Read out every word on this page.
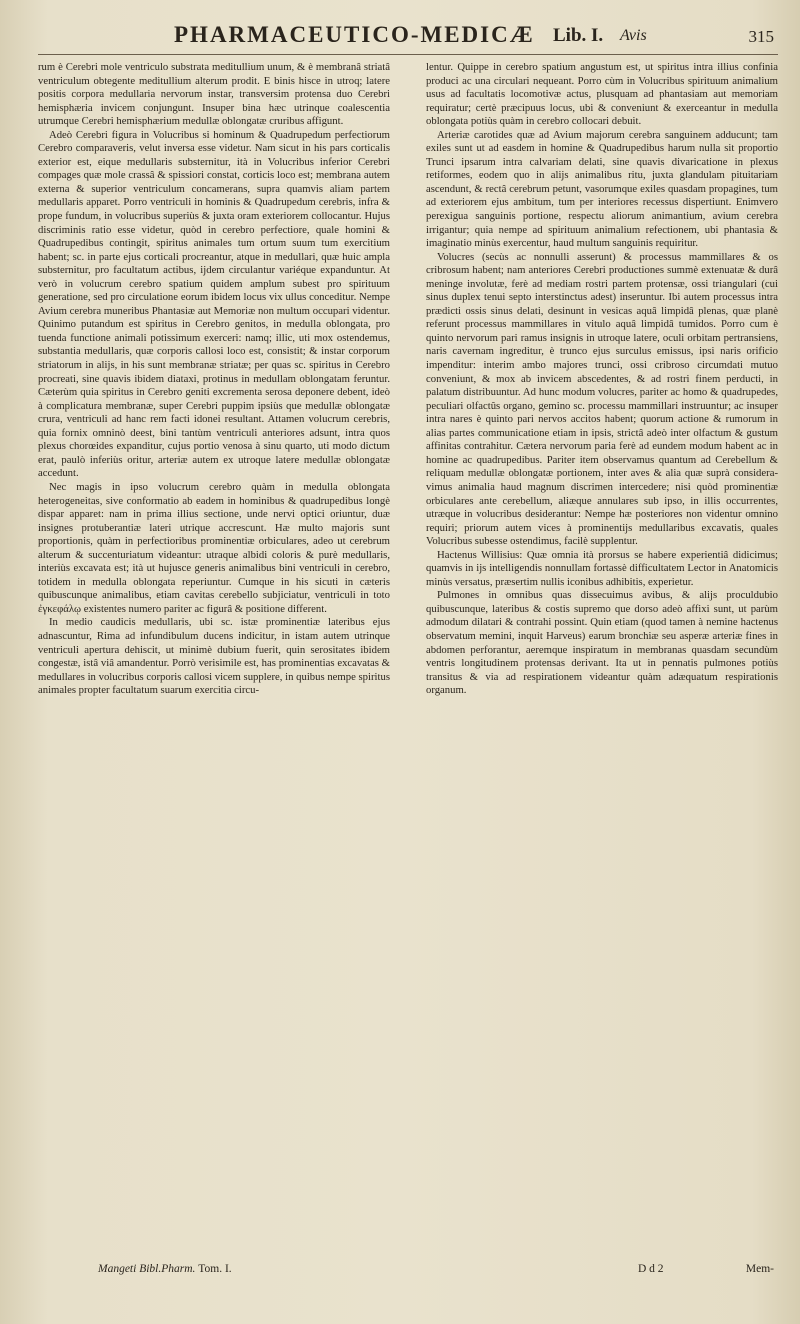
PHARMACEUTICO-MEDICÆ Lib. I. Avis	315

rum è Cerebri mole ventriculo substrata meditullium unum, & è membranâ striatâ ventriculum obtegente meditullium alterum prodit. E binis hisce in utroq; latere positis corpora medullaria nervorum instar, transversim protensa duo Cerebri hemisphæria invicem conjungunt. Insuper bina hæc utrinque coalescentia utrumque Cerebri hemisphærium medullæ oblongatæ cruribus affigunt.

Adeò Cerebri figura in Volucribus si hominum & Quadrupedum perfectiorum Cerebro comparaveris, velut inversa esse videtur. Nam sicut in his pars corticalis exterior est, eique medullaris substernitur, ità in Volucribus inferior Cerebri compages quæ mole crassâ & spissiori constat, corticis loco est; membrana autem externa & superior ventriculum concamerans, supra quamvis aliam partem medullaris apparet. Porro ventriculi in hominis & Quadrupedum cerebris, infra & prope fundum, in volucribus superiùs & juxta oram exteriorem collocantur. Hujus discriminis ratio esse videtur, quòd in cerebro perfectiore, quale homini & Quadrupedibus contingit, spiritus animales tum ortum suum tum exercitium habent; sc. in parte ejus corticali procreantur, atque in medullari, quæ huic ampla substernitur, pro facultatum actibus, ijdem circulantur variéque expanduntur. At verò in volucrum cerebro spatium quidem amplum subest pro spirituum generatione, sed pro circulatione eorum ibidem locus vix ullus conceditur. Nempe Avium cerebra muneribus Phantasiæ aut Memoriæ non multum occupari videntur. Quinimo putandum est spiritus in Cerebro genitos, in medulla oblongata, pro tuenda functione animali potissimum exerceri: namq; illic, uti mox ostendemus, substantia medullaris, quæ corporis callosi loco est, consistit; & instar corporum striatorum in alijs, in his sunt membranæ striatæ; per quas sc. spiritus in Cerebro procreati, sine quavis ibidem diataxi, protinus in medullam oblongatam feruntur. Cæterùm quia spiritus in Cerebro geniti excrementa serosa deponere debent, ideò à complicatura membranæ, super Cerebri puppim ipsiùs que medullæ oblongatæ crura, ventriculi ad hanc rem facti idonei resultant. Attamen volucrum cerebris, quia fornix omninò deest, bini tantùm ventriculi anteriores adsunt, intra quos plexus chorœides expanditur, cujus portio venosa à sinu quarto, uti modo dictum erat, paulò inferiùs oritur, arteriæ autem ex utroque latere medullæ oblongatæ accedunt.

Nec magis in ipso volucrum cerebro quàm in medulla oblongata heterogeneitas, sive conformatio ab eadem in hominibus & quadrupedibus longè dispar apparet: nam in prima illius sectione, unde nervi optici oriuntur, duæ insignes protuberantiæ lateri utrique accrescunt. Hæ multo majoris sunt proportionis, quàm in perfectioribus prominentiæ orbiculares, adeo ut cerebrum alterum & succenturiatum videantur: utraque albidi coloris & purè medullaris, interiùs excavata est; ità ut hujusce generis animalibus bini ventriculi in cerebro, totidem in medulla oblongata reperiuntur. Cumque in his sicuti in cæteris quibuscunque animalibus, etiam cavitas cerebello subjiciatur, ventriculi in toto ἐγκεφάλῳ existentes numero pariter ac figurâ & positione different.

In medio caudicis medullaris, ubi sc. istæ prominentiæ lateribus ejus adnascuntur, Rima ad infundibulum ducens indicitur, in istam autem utrinque ventriculi apertura dehiscit, ut minimè dubium fuerit, quin serositates ibidem congestæ, istâ viâ amandentur. Porrò verisimile est, has prominentias excavatas & medullares in volucribus corporis callosi vicem supplere, in quibus nempe spiritus animales propter facultatum suarum exercitia circu-

lentur. Quippe in cerebro spatium angustum est, ut spiritus intra illius confinia produci ac una circulari nequeant. Porro cùm in Volucribus spirituum animalium usus ad facultatis locomotivæ actus, plusquam ad phantasiam aut memoriam requiratur; certè præcipuus locus, ubi & conveniunt & exerceantur in medulla oblongata potiùs quàm in cerebro collocari debuit.

Arteriæ carotides quæ ad Avium majorum cerebra sanguinem adducunt; tam exiles sunt ut ad easdem in homine & Quadrupedibus harum nulla sit proportio Trunci ipsarum intra calvariam delati, sine quavis divaricatione in plexus retiformes, eodem quo in alijs animalibus ritu, juxta glandulam pituitariam ascendunt, & rectâ cerebrum petunt, vasorumque exiles quasdam propagines, tum ad exteriorem ejus ambitum, tum per interiores recessus dispertiunt. Enimvero perexigua sanguinis portione, respectu aliorum animantium, avium cerebra irrigantur; quia nempe ad spirituum animalium refectionem, ubi phantasia & imaginatio minùs exercentur, haud multum sanguinis requiritur.

Volucres (secùs ac nonnulli asserunt) & processus mammillares & os cribrosum habent; nam anteriores Cerebri productiones summè extenuatæ & durâ meninge involutæ, ferè ad mediam rostri partem protensæ, ossi triangulari (cui sinus duplex tenui septo interstinctus adest) inseruntur. Ibi autem processus intra prædicti ossis sinus delati, desinunt in vesicas aquâ limpidâ plenas, quæ planè referunt processus mammillares in vitulo aquâ limpidâ tumidos. Porro cum è quinto nervorum pari ramus insignis in utroque latere, oculi orbitam pertransiens, naris cavernam ingreditur, è trunco ejus surculus emissus, ipsi naris orificio impenditur: interim ambo majores trunci, ossi cribroso circumdati mutuo conveniunt, & mox ab invicem abscedentes, & ad rostri finem perducti, in palatum distribuuntur. Ad hunc modum volucres, pariter ac homo & quadrupedes, peculiari olfactûs organo, gemino sc. processu mammillari instruuntur; ac insuper intra nares è quinto pari nervos accitos habent; quorum actione & rumorum in alias partes communicatione etiam in ipsis, strictâ adeò inter olfactum & gustum affinitas contrahitur. Cætera nervorum paria ferè ad eundem modum habent ac in homine ac quadrupedibus. Pariter item observamus quantum ad Cerebellum & reliquam medullæ oblongatæ portionem, inter aves & alia quæ suprà considera-vimus animalia haud magnum discrimen intercedere; nisi quòd prominentiæ orbiculares ante cerebellum, aliæque annulares sub ipso, in illis occurrentes, utræque in volucribus desiderantur: Nempe hæ posteriores non videntur omnino requiri; priorum autem vices à prominentijs medullaribus excavatis, quales Volucribus subesse ostendimus, facilè supplentur.

Hactenus Willisius: Quæ omnia ità prorsus se habere experientiâ didicimus; quamvis in ijs intelligendis nonnullam fortassè difficultatem Lector in Anatomicis minùs versatus, præsertim nullis iconibus adhibitis, experietur.

Pulmones in omnibus quas dissecuimus avibus, & alijs proculdubio quibuscunque, lateribus & costis supremo que dorso adeò affixi sunt, ut parùm admodum dilatari & contrahi possint. Quin etiam (quod tamen à nemine hactenus observatum memini, inquit Harveus) earum bronchiæ seu asperæ arteriæ fines in abdomen perforantur, aeremque inspiratum in membranas quasdam secundùm ventris longitudinem protensas derivant. Ita ut in pennatis pulmones potiùs transitus & via ad respirationem videantur quàm adæquatum respirationis organum.

Mangeti Bibl.Pharm. Tom. I.	D d 2	Mem-
